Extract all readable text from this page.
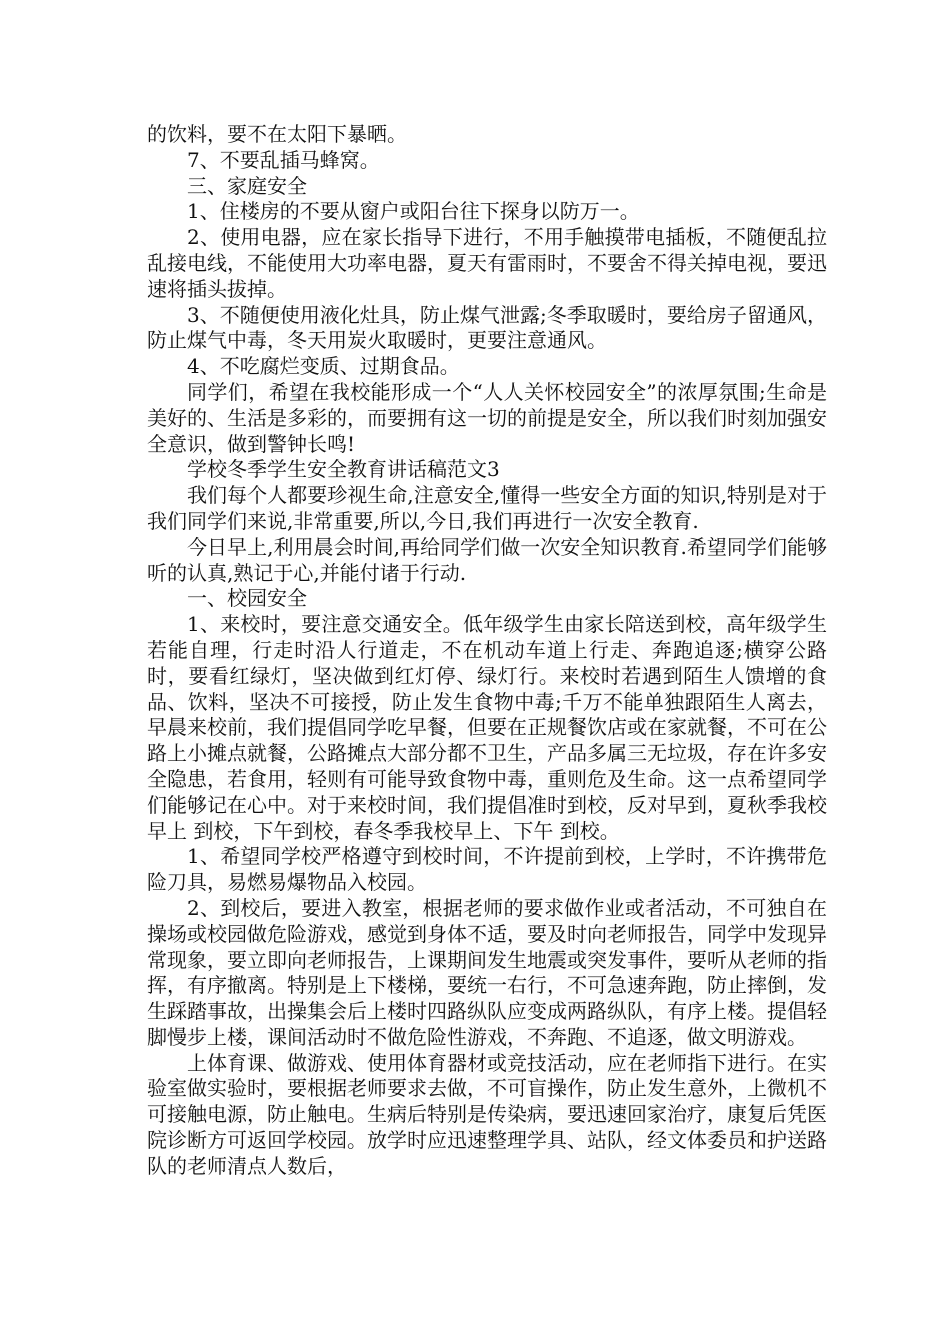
的饮料，要不在太阳下暴晒。

7、不要乱插马蜂窝。

三、家庭安全

1、住楼房的不要从窗户或阳台往下探身以防万一。

2、使用电器，应在家长指导下进行，不用手触摸带电插板，不随便乱拉乱接电线，不能使用大功率电器，夏天有雷雨时，不要舍不得关掉电视，要迅速将插头拔掉。

3、不随便使用液化灶具，防止煤气泄露;冬季取暖时，要给房子留通风，防止煤气中毒，冬天用炭火取暖时，更要注意通风。

4、不吃腐烂变质、过期食品。

同学们，希望在我校能形成一个“人人关怀校园安全”的浓厚氛围;生命是美好的、生活是多彩的，而要拥有这一切的前提是安全，所以我们时刻加强安全意识，做到警钟长鸣!

学校冬季学生安全教育讲话稿范文3

我们每个人都要珍视生命,注意安全,懂得一些安全方面的知识,特别是对于我们同学们来说,非常重要,所以,今日,我们再进行一次安全教育.

今日早上,利用晨会时间,再给同学们做一次安全知识教育.希望同学们能够听的认真,熟记于心,并能付诸于行动.

一、校园安全

1、来校时，要注意交通安全。低年级学生由家长陪送到校，高年级学生若能自理，行走时沿人行道走，不在机动车道上行走、奔跑追逐;横穿公路时，要看红绿灯，坚决做到红灯停、绿灯行。来校时若遇到陌生人馈增的食品、饮料，坚决不可接授，防止发生食物中毒;千万不能单独跟陌生人离去，早晨来校前，我们提倡同学吃早餐，但要在正规餐饮店或在家就餐，不可在公路上小摊点就餐，公路摊点大部分都不卫生，产品多属三无垃圾，存在许多安全隐患，若食用，轻则有可能导致食物中毒，重则危及生命。这一点希望同学们能够记在心中。对于来校时间，我们提倡准时到校，反对早到，夏秋季我校早上 到校，下午到校，春冬季我校早上、下午 到校。

1、希望同学校严格遵守到校时间，不许提前到校，上学时，不许携带危险刀具，易燃易爆物品入校园。

2、到校后，要进入教室，根据老师的要求做作业或者活动，不可独自在操场或校园做危险游戏，感觉到身体不适，要及时向老师报告，同学中发现异常现象，要立即向老师报告，上课期间发生地震或突发事件，要听从老师的指挥，有序撤离。特别是上下楼梯，要统一右行，不可急速奔跑，防止摔倒，发生踩踏事故，出操集会后上楼时四路纵队应变成两路纵队，有序上楼。提倡轻脚慢步上楼，课间活动时不做危险性游戏，不奔跑、不追逐，做文明游戏。

上体育课、做游戏、使用体育器材或竞技活动，应在老师指下进行。在实验室做实验时，要根据老师要求去做，不可盲操作，防止发生意外，上微机不可接触电源，防止触电。生病后特别是传染病，要迅速回家治疗，康复后凭医院诊断方可返回学校园。放学时应迅速整理学具、站队，经文体委员和护送路队的老师清点人数后，
